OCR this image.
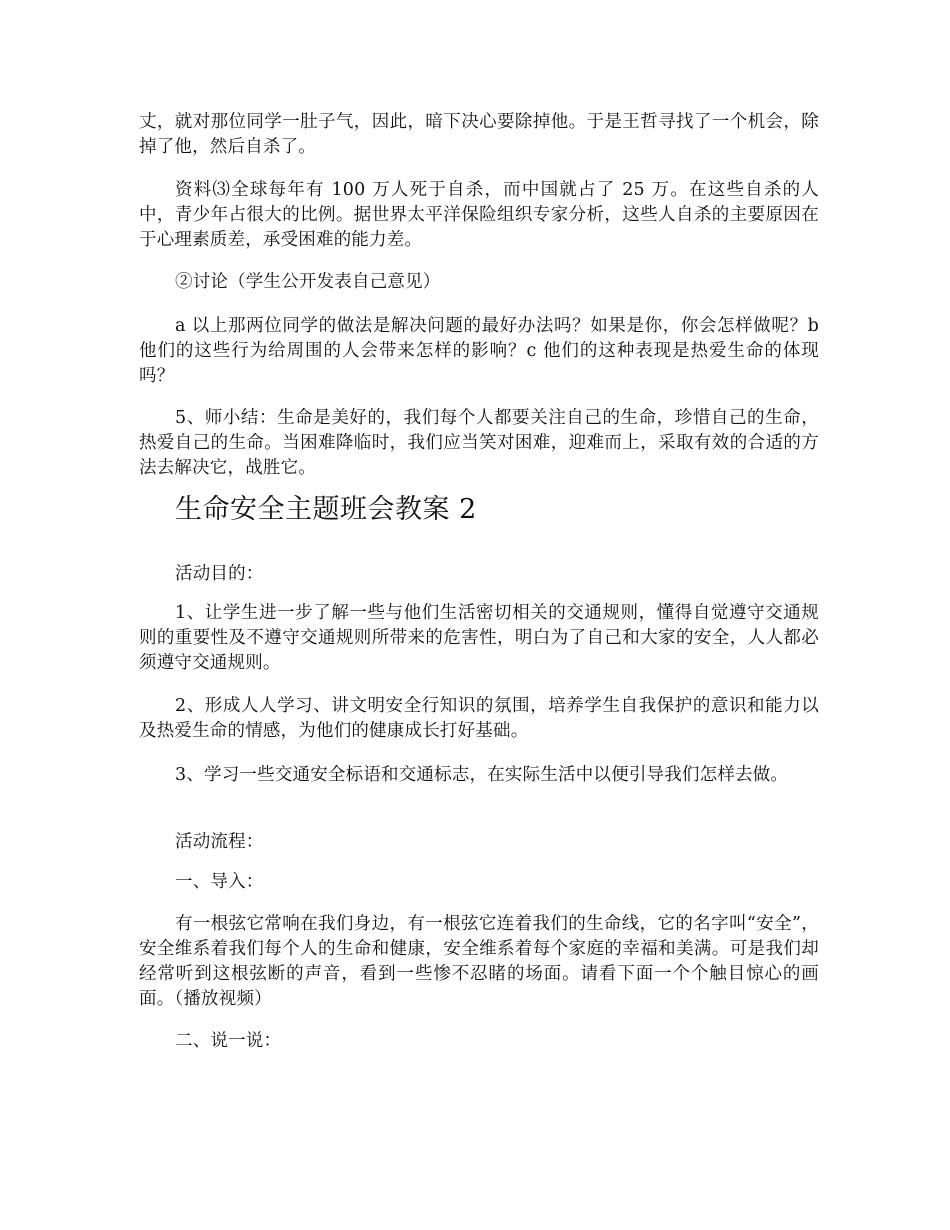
丈，就对那位同学一肚子气，因此，暗下决心要除掉他。于是王哲寻找了一个机会，除掉了他，然后自杀了。

资料⑶全球每年有 100 万人死于自杀，而中国就占了 25 万。在这些自杀的人中，青少年占很大的比例。据世界太平洋保险组织专家分析，这些人自杀的主要原因在于心理素质差，承受困难的能力差。

②讨论（学生公开发表自己意见）

a 以上那两位同学的做法是解决问题的最好办法吗？如果是你，你会怎样做呢？b 他们的这些行为给周围的人会带来怎样的影响？c 他们的这种表现是热爱生命的体现吗？

5、师小结：生命是美好的，我们每个人都要关注自己的生命，珍惜自己的生命，热爱自己的生命。当困难降临时，我们应当笑对困难，迎难而上，采取有效的合适的方法去解决它，战胜它。

生命安全主题班会教案 2

活动目的：

1、让学生进一步了解一些与他们生活密切相关的交通规则，懂得自觉遵守交通规则的重要性及不遵守交通规则所带来的危害性，明白为了自己和大家的安全，人人都必须遵守交通规则。

2、形成人人学习、讲文明安全行知识的氛围，培养学生自我保护的意识和能力以及热爱生命的情感，为他们的健康成长打好基础。

3、学习一些交通安全标语和交通标志，在实际生活中以便引导我们怎样去做。

活动流程：

一、导入：

有一根弦它常响在我们身边，有一根弦它连着我们的生命线，它的名字叫“安全”，安全维系着我们每个人的生命和健康，安全维系着每个家庭的幸福和美满。可是我们却经常听到这根弦断的声音，看到一些惨不忍睹的场面。请看下面一个个触目惊心的画面。（播放视频）

二、说一说：
